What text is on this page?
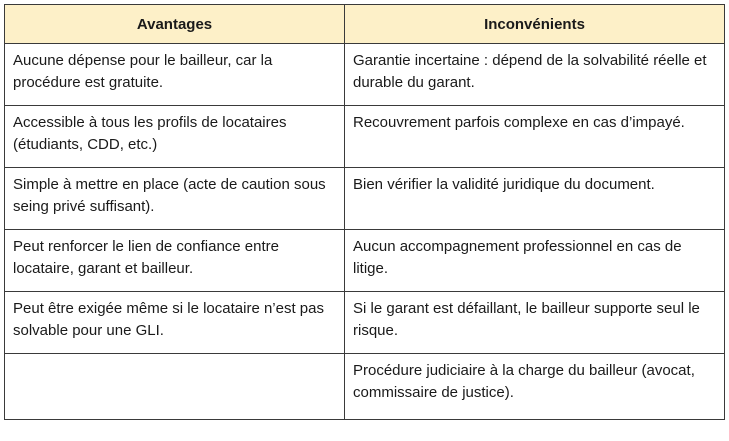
Avantages	Inconvénients
Aucune dépense pour le bailleur, car la procédure est gratuite.	Garantie incertaine : dépend de la solvabilité réelle et durable du garant.
Accessible à tous les profils de locataires (étudiants, CDD, etc.)	Recouvrement parfois complexe en cas d’impayé.
Simple à mettre en place (acte de caution sous seing privé suffisant).	Bien vérifier la validité juridique du document.
Peut renforcer le lien de confiance entre locataire, garant et bailleur.	Aucun accompagnement professionnel en cas de litige.
Peut être exigée même si le locataire n’est pas solvable pour une GLI.	Si le garant est défaillant, le bailleur supporte seul le risque.
	Procédure judiciaire à la charge du bailleur (avocat, commissaire de justice).
